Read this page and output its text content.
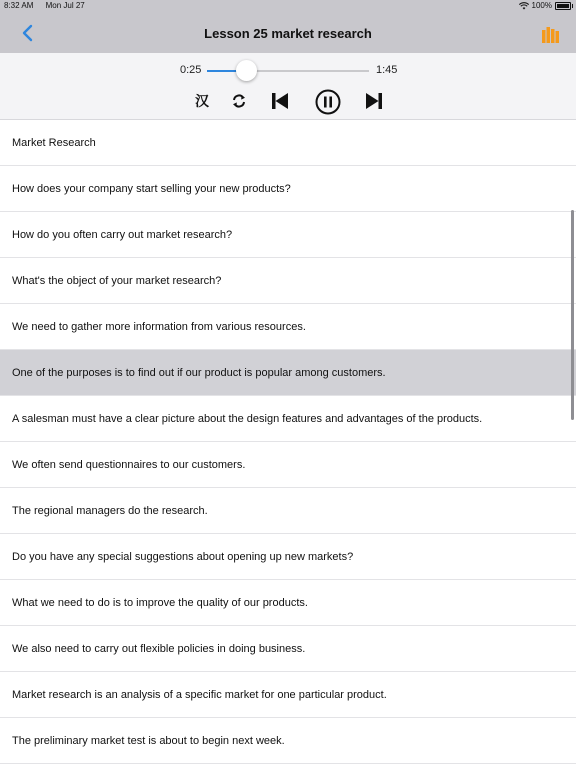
8:32 AM Mon Jul 27	100%
Lesson 25 market research
0:25	1:45
汉
Market Research
How does your company start selling your new products?
How do you often carry out market research?
What's the object of your market research?
We need to gather more information from various resources.
One of the purposes is to find out if our product is popular among customers.
A salesman must have a clear picture about the design features and advantages of the products.
We often send questionnaires to our customers.
The regional managers do the research.
Do you have any special suggestions about opening up new markets?
What we need to do is to improve the quality of our products.
We also need to carry out flexible policies in doing business.
Market research is an analysis of a specific market for one particular product.
The preliminary market test is about to begin next week.
